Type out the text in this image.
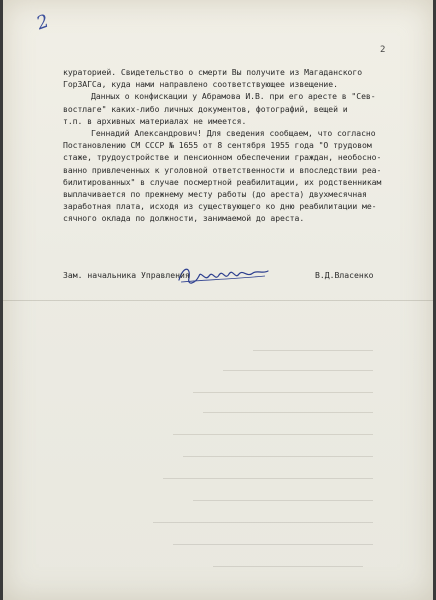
2
2
кураторией. Свидетельство о смерти Вы получите из Магаданского
ГорЗАГСа, куда нами направлено соответствующее извещение.
Данных о конфискации у Абрамова И.В. при его аресте в "Сев-
востлаге" каких-либо личных документов, фотографий, вещей и
т.п. в архивных материалах не имеется.
Геннадий Александрович! Для сведения сообщаем, что согласно
Постановлению СМ СССР № 1655 от 8 сентября 1955 года "О трудовом
стаже, трудоустройстве и пенсионном обеспечении граждан, необосно-
ванно привлеченных к уголовной ответственности и впоследствии реа-
билитированных" в случае посмертной реабилитации, их родственникам
выплачивается по прежнему месту работы (до ареста) двухмесячная
заработная плата, исходя из существующего ко дню реабилитации ме-
сячного оклада по должности, занимаемой до ареста.
Зам. начальника Управления	В.Д.Власенко
